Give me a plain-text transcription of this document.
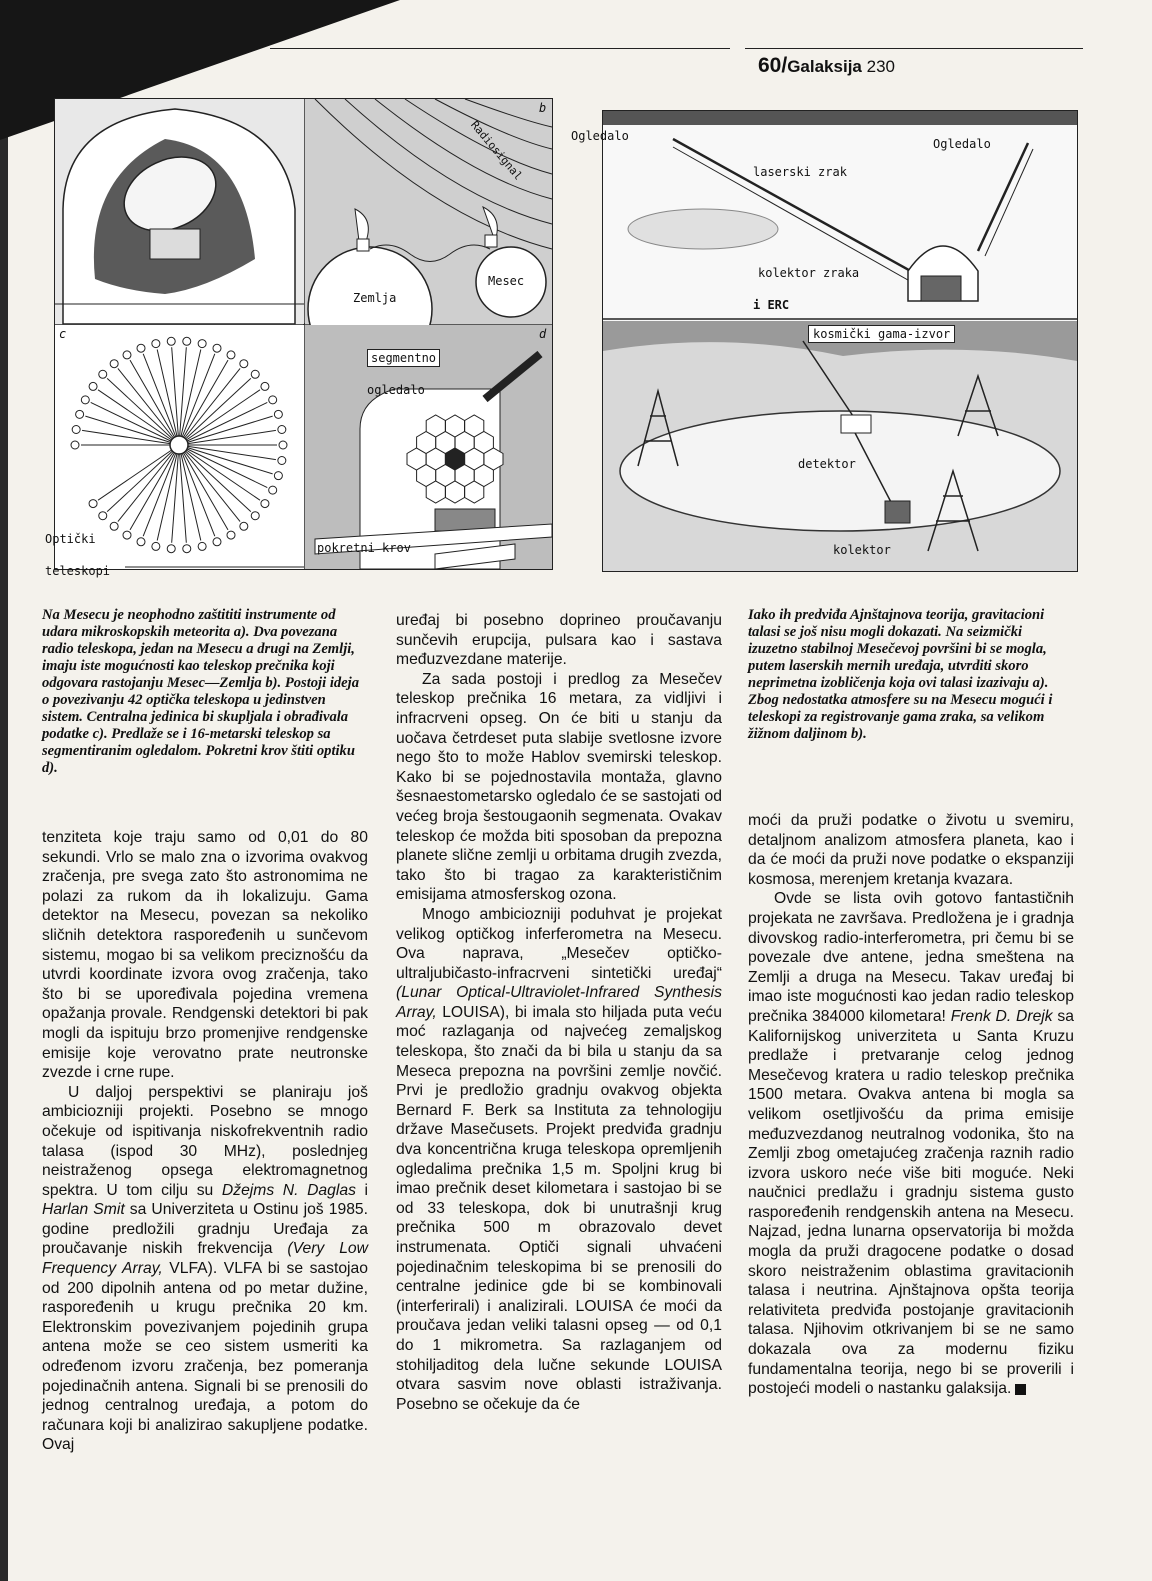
60/Galaksija 230
b
c	d
Radiosignal
Zemlja
Mesec
segmentno
ogledalo
pokretni krov
Optički
teleskopi
Ogledalo
Ogledalo
laserski zrak
kolektor zraka
i ERC
kosmički gama-izvor
detektor
kolektor

Na Mesecu je neophodno zaštititi instrumente od udara mikroskopskih meteorita a). Dva povezana radio teleskopa, jedan na Mesecu a drugi na Zemlji, imaju iste mogućnosti kao teleskop prečnika koji odgovara rastojanju Mesec—Zemlja b). Postoji ideja o povezivanju 42 optička teleskopa u jedinstven sistem. Centralna jedinica bi skupljala i obrađivala podatke c). Predlaže se i 16-metarski teleskop sa segmentiranim ogledalom. Pokretni krov štiti optiku d).

Iako ih predviđa Ajnštajnova teorija, gravitacioni talasi se još nisu mogli dokazati. Na seizmički izuzetno stabilnoj Mesečevoj površini bi se mogla, putem laserskih mernih uređaja, utvrditi skoro neprimetna izobličenja koja ovi talasi izazivaju a). Zbog nedostatka atmosfere su na Mesecu mogući i teleskopi za registrovanje gama zraka, sa velikom žižnom daljinom b).

tenziteta koje traju samo od 0,01 do 80 sekundi. Vrlo se malo zna o izvorima ovakvog zračenja, pre svega zato što astronomima ne polazi za rukom da ih lokalizuju. Gama detektor na Mesecu, povezan sa nekoliko sličnih detektora raspoređenih u sunčevom sistemu, mogao bi sa velikom preciznošću da utvrdi koordinate izvora ovog zračenja, tako što bi se upoređivala pojedina vremena opažanja provale. Rendgenski detektori bi pak mogli da ispituju brzo promenjive rendgenske emisije koje verovatno prate neutronske zvezde i crne rupe.

U daljoj perspektivi se planiraju još ambiciozniji projekti. Posebno se mnogo očekuje od ispitivanja niskofrekventnih radio talasa (ispod 30 MHz), poslednjeg neistraženog opsega elektromagnetnog spektra. U tom cilju su Džejms N. Daglas i Harlan Smit sa Univerziteta u Ostinu još 1985. godine predložili gradnju Uređaja za proučavanje niskih frekvencija (Very Low Frequency Array, VLFA). VLFA bi se sastojao od 200 dipolnih antena od po metar dužine, raspoređenih u krugu prečnika 20 km. Elektronskim povezivanjem pojedinih grupa antena može se ceo sistem usmeriti ka određenom izvoru zračenja, bez pomeranja pojedinačnih antena. Signali bi se prenosili do jednog centralnog uređaja, a potom do računara koji bi analizirao sakupljene podatke. Ovaj

uređaj bi posebno doprineo proučavanju sunčevih erupcija, pulsara kao i sastava međuzvezdane materije.

Za sada postoji i predlog za Mesečev teleskop prečnika 16 metara, za vidljivi i infracrveni opseg. On će biti u stanju da uočava četrdeset puta slabije svetlosne izvore nego što to može Hablov svemirski teleskop. Kako bi se pojednostavila montaža, glavno šesnaestometarsko ogledalo će se sastojati od većeg broja šestougaonih segmenata. Ovakav teleskop će možda biti sposoban da prepozna planete slične zemlji u orbitama drugih zvezda, tako što bi tragao za karakterističnim emisijama atmosferskog ozona.

Mnogo ambiciozniji poduhvat je projekat velikog optičkog inferferometra na Mesecu. Ova naprava, „Mesečev optičko-ultraljubičasto-infracrveni sintetički uređaj“ (Lunar Optical-Ultraviolet-Infrared Synthesis Array, LOUISA), bi imala sto hiljada puta veću moć razlaganja od najvećeg zemaljskog teleskopa, što znači da bi bila u stanju da sa Meseca prepozna na površini zemlje novčić. Prvi je predložio gradnju ovakvog objekta Bernard F. Berk sa Instituta za tehnologiju države Masečusets. Projekt predviđa gradnju dva koncentrična kruga teleskopa opremljenih ogledalima prečnika 1,5 m. Spoljni krug bi imao prečnik deset kilometara i sastojao bi se od 33 teleskopa, dok bi unutrašnji krug prečnika 500 m obrazovalo devet instrumenata. Optiči signali uhvaćeni pojedinačnim teleskopima bi se prenosili do centralne jedinice gde bi se kombinovali (interferirali) i analizirali. LOUISA će moći da proučava jedan veliki talasni opseg — od 0,1 do 1 mikrometra. Sa razlaganjem od stohiljaditog dela lučne sekunde LOUISA otvara sasvim nove oblasti istraživanja. Posebno se očekuje da će

moći da pruži podatke o životu u svemiru, detaljnom analizom atmosfera planeta, kao i da će moći da pruži nove podatke o ekspanziji kosmosa, merenjem kretanja kvazara.

Ovde se lista ovih gotovo fantastičnih projekata ne završava. Predložena je i gradnja divovskog radio-interferometra, pri čemu bi se povezale dve antene, jedna smeštena na Zemlji a druga na Mesecu. Takav uređaj bi imao iste mogućnosti kao jedan radio teleskop prečnika 384000 kilometara! Frenk D. Drejk sa Kalifornijskog univerziteta u Santa Kruzu predlaže i pretvaranje celog jednog Mesečevog kratera u radio teleskop prečnika 1500 metara. Ovakva antena bi mogla sa velikom osetljivošću da prima emisije međuzvezdanog neutralnog vodonika, što na Zemlji zbog ometajućeg zračenja raznih radio izvora uskoro neće više biti moguće. Neki naučnici predlažu i gradnju sistema gusto raspoređenih rendgenskih antena na Mesecu. Najzad, jedna lunarna opservatorija bi možda mogla da pruži dragocene podatke o dosad skoro neistraženim oblastima gravitacionih talasa i neutrina. Ajnštajnova opšta teorija relativiteta predviđa postojanje gravitacionih talasa. Njihovim otkrivanjem bi se ne samo dokazala ova za modernu fiziku fundamentalna teorija, nego bi se proverili i postojeći modeli o nastanku galaksija.
